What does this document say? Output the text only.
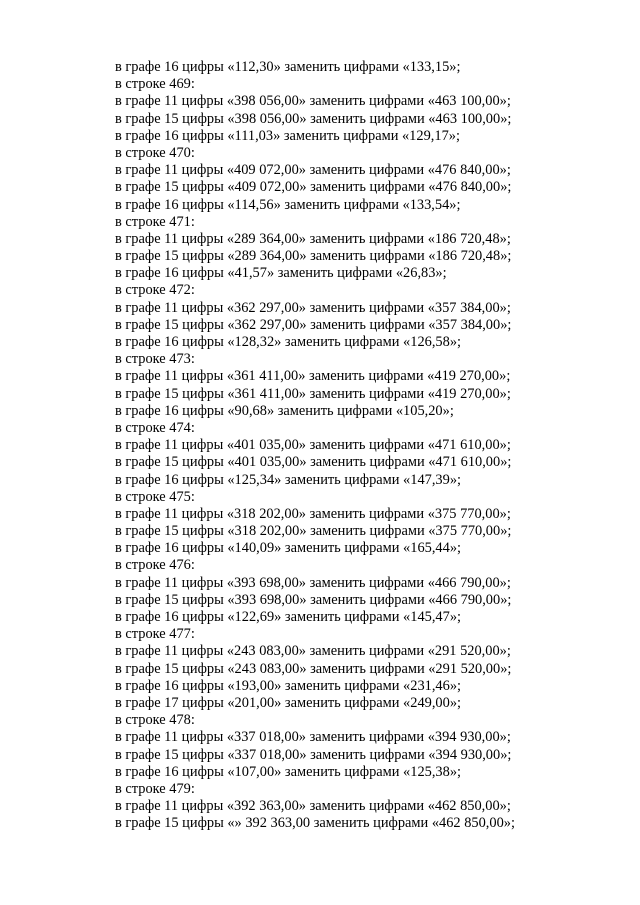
в графе 16 цифры «112,30» заменить цифрами «133,15»;
в строке 469:
в графе 11 цифры «398 056,00» заменить цифрами «463 100,00»;
в графе 15 цифры «398 056,00» заменить цифрами «463 100,00»;
в графе 16 цифры «111,03» заменить цифрами «129,17»;
в строке 470:
в графе 11 цифры «409 072,00» заменить цифрами «476 840,00»;
в графе 15 цифры «409 072,00» заменить цифрами «476 840,00»;
в графе 16 цифры «114,56» заменить цифрами «133,54»;
в строке 471:
в графе 11 цифры «289 364,00» заменить цифрами «186 720,48»;
в графе 15 цифры «289 364,00» заменить цифрами «186 720,48»;
в графе 16 цифры «41,57» заменить цифрами «26,83»;
в строке 472:
в графе 11 цифры «362 297,00» заменить цифрами «357 384,00»;
в графе 15 цифры «362 297,00» заменить цифрами «357 384,00»;
в графе 16 цифры «128,32» заменить цифрами «126,58»;
в строке 473:
в графе 11 цифры «361 411,00» заменить цифрами «419 270,00»;
в графе 15 цифры «361 411,00» заменить цифрами «419 270,00»;
в графе 16 цифры «90,68» заменить цифрами «105,20»;
в строке 474:
в графе 11 цифры «401 035,00» заменить цифрами «471 610,00»;
в графе 15 цифры «401 035,00» заменить цифрами «471 610,00»;
в графе 16 цифры «125,34» заменить цифрами «147,39»;
в строке 475:
в графе 11 цифры «318 202,00» заменить цифрами «375 770,00»;
в графе 15 цифры «318 202,00» заменить цифрами «375 770,00»;
в графе 16 цифры «140,09» заменить цифрами «165,44»;
в строке 476:
в графе 11 цифры «393 698,00» заменить цифрами «466 790,00»;
в графе 15 цифры «393 698,00» заменить цифрами «466 790,00»;
в графе 16 цифры «122,69» заменить цифрами «145,47»;
в строке 477:
в графе 11 цифры «243 083,00» заменить цифрами «291 520,00»;
в графе 15 цифры «243 083,00» заменить цифрами «291 520,00»;
в графе 16 цифры «193,00» заменить цифрами «231,46»;
в графе 17 цифры «201,00» заменить цифрами «249,00»;
в строке 478:
в графе 11 цифры «337 018,00» заменить цифрами «394 930,00»;
в графе 15 цифры «337 018,00» заменить цифрами «394 930,00»;
в графе 16 цифры «107,00» заменить цифрами «125,38»;
в строке 479:
в графе 11 цифры «392 363,00» заменить цифрами «462 850,00»;
в графе 15 цифры «» 392 363,00 заменить цифрами «462 850,00»;
